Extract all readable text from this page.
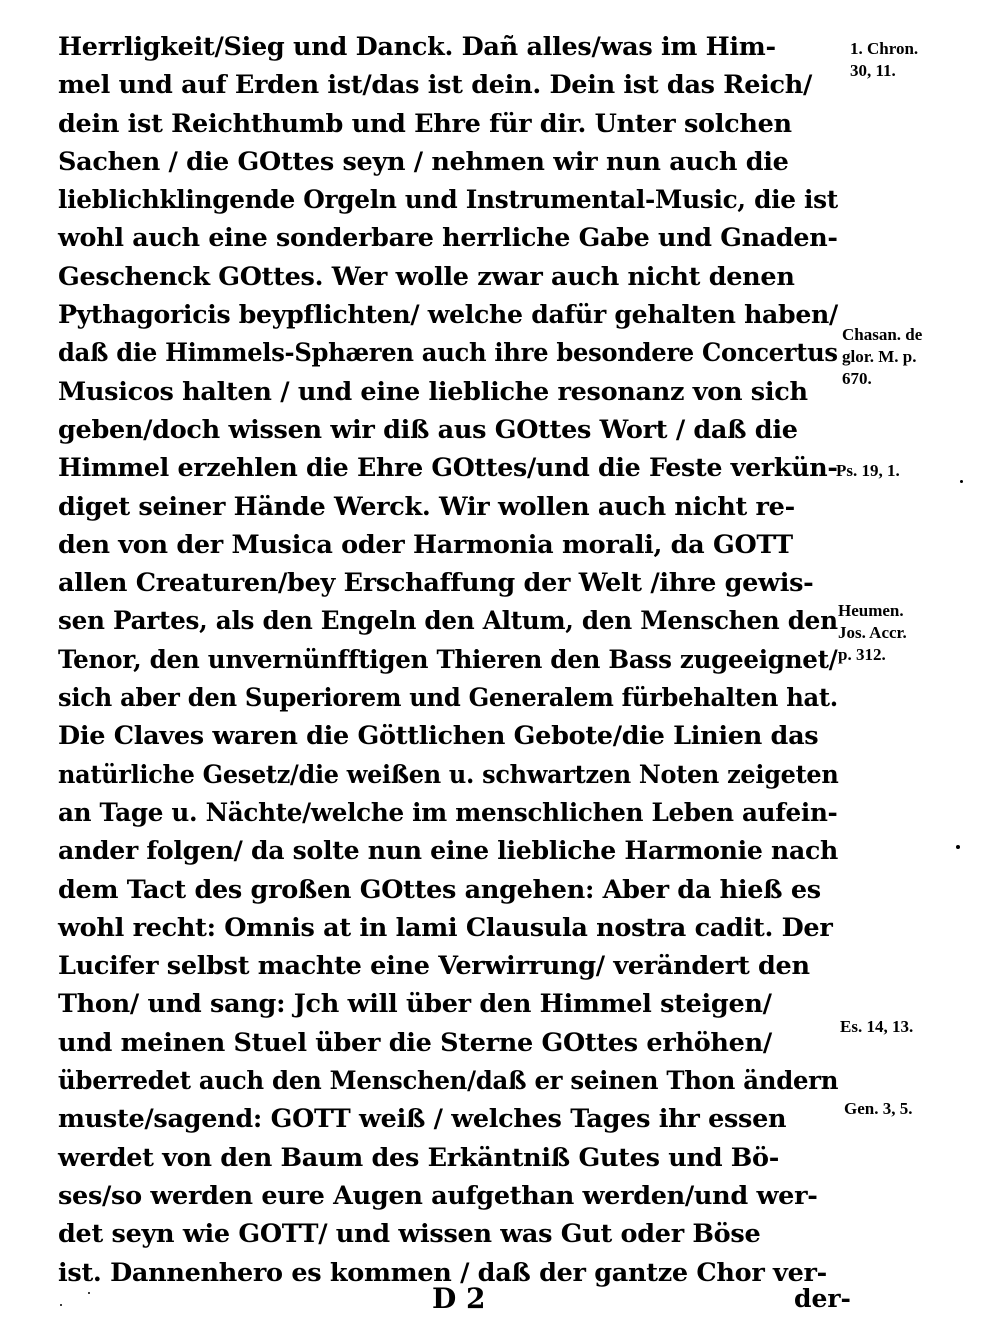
Herrligkeit/Sieg und Danck. Dañ alles/was im Him-
mel und auf Erden ist/das ist dein. Dein ist das Reich/
dein ist Reichthumb und Ehre für dir. Unter solchen
Sachen / die GOttes seyn / nehmen wir nun auch die
lieblichklingende Orgeln und Instrumental-Music, die ist
wohl auch eine sonderbare herrliche Gabe und Gnaden-
Geschenck GOttes. Wer wolle zwar auch nicht denen
Pythagoricis beypflichten/ welche dafür gehalten haben/
daß die Himmels-Sphæren auch ihre besondere Concertus
Musicos halten / und eine liebliche resonanz von sich
geben/doch wissen wir diß aus GOttes Wort / daß die
Himmel erzehlen die Ehre GOttes/und die Feste verkün-
diget seiner Hände Werck. Wir wollen auch nicht re-
den von der Musica oder Harmonia morali, da GOTT
allen Creaturen/bey Erschaffung der Welt /ihre gewis-
sen Partes, als den Engeln den Altum, den Menschen den
Tenor, den unvernünfftigen Thieren den Bass zugeeignet/
sich aber den Superiorem und Generalem fürbehalten hat.
Die Claves waren die Göttlichen Gebote/die Linien das
natürliche Gesetz/die weißen u. schwartzen Noten zeigeten
an Tage u. Nächte/welche im menschlichen Leben aufein-
ander folgen/ da solte nun eine liebliche Harmonie nach
dem Tact des großen GOttes angehen: Aber da hieß es
wohl recht: Omnis at in lami Clausula nostra cadit. Der
Lucifer selbst machte eine Verwirrung/ verändert den
Thon/ und sang: Jch will über den Himmel steigen/
und meinen Stuel über die Sterne GOttes erhöhen/
überredet auch den Menschen/daß er seinen Thon ändern
muste/sagend: GOTT weiß / welches Tages ihr essen
werdet von den Baum des Erkäntniß Gutes und Bö-
ses/so werden eure Augen aufgethan werden/und wer-
det seyn wie GOTT/ und wissen was Gut oder Böse
ist. Dannenhero es kommen / daß der gantze Chor ver-
1. Chron.
30, 11.
Chasan. de
glor. M. p.
670.
Ps. 19, 1.
Heumen.
Jos. Accr.
p. 312.
Es. 14, 13.
Gen. 3, 5.
D 2	der-
